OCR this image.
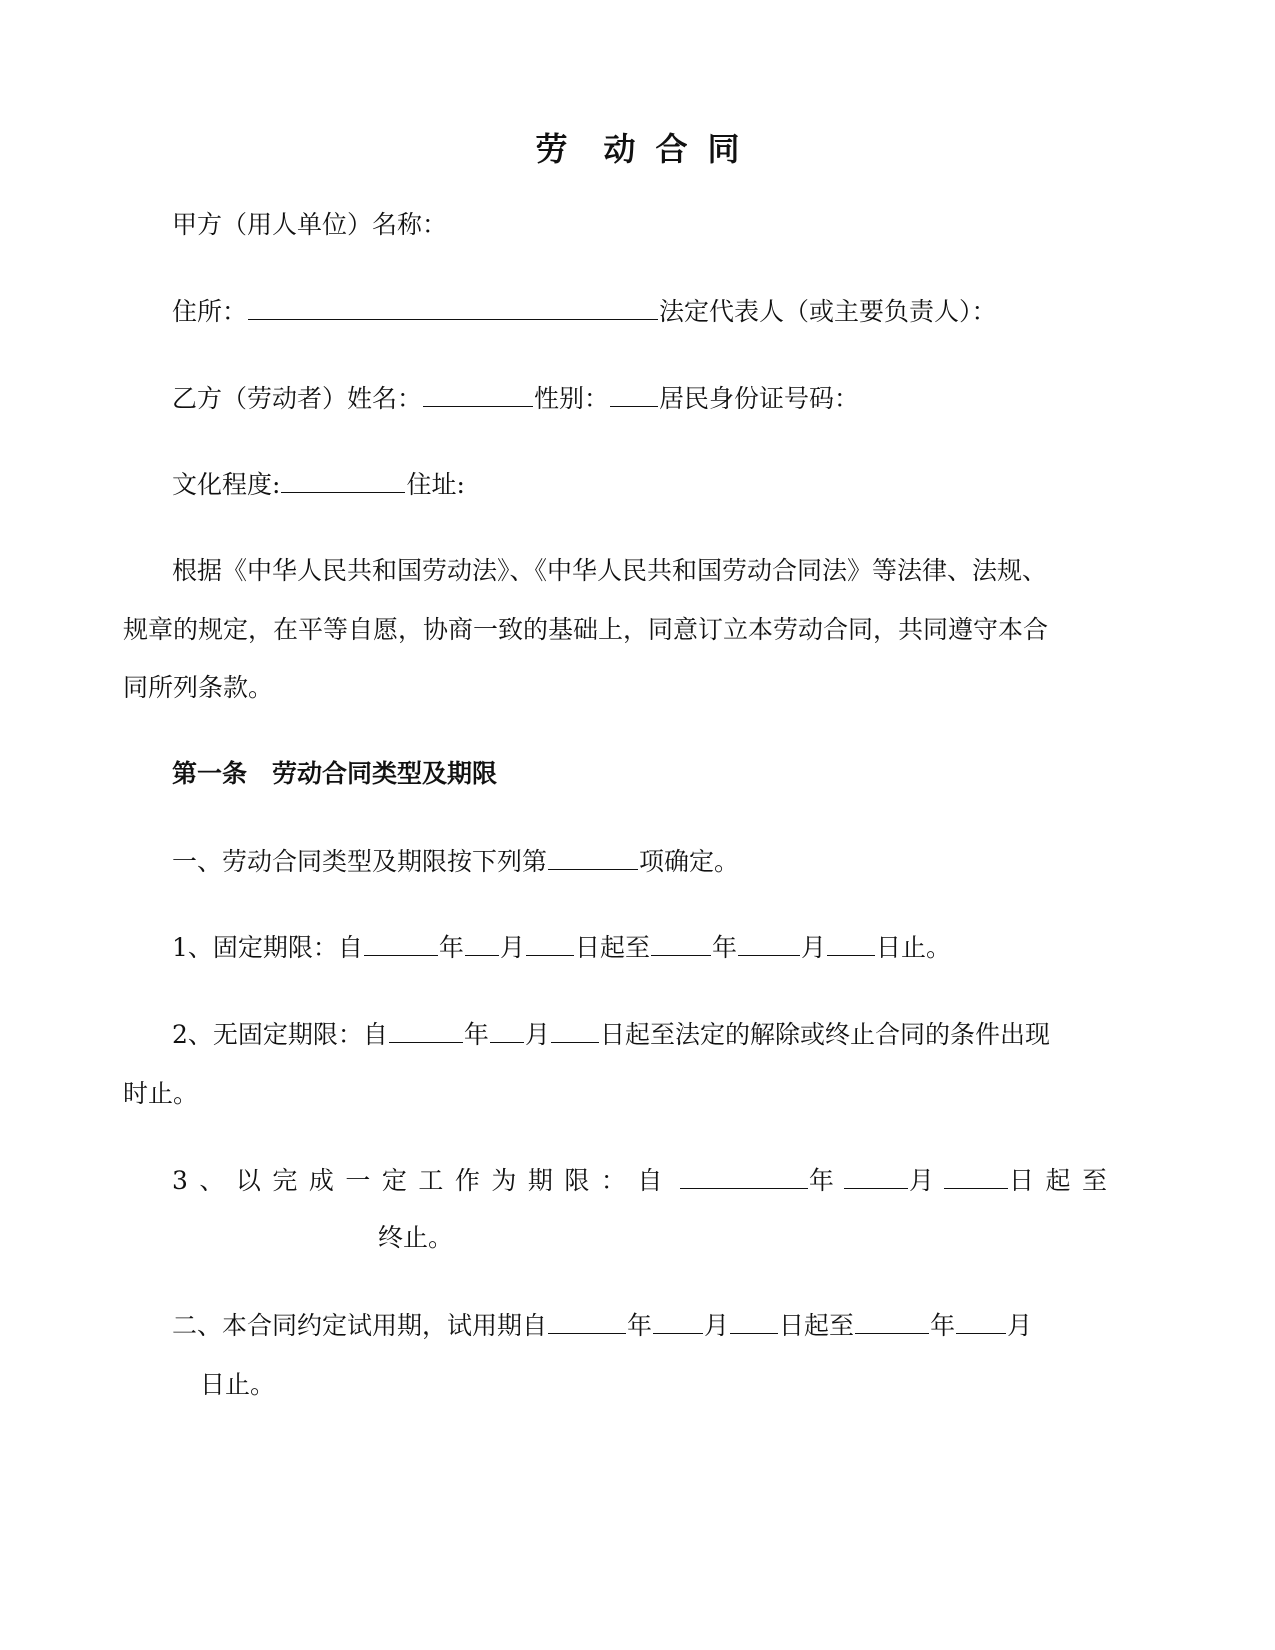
劳 动 合 同
甲方（用人单位）名称：
住所：	法定代表人（或主要负责人）：
乙方（劳动者）姓名：	性别： 居民身份证号码：
文化程度:	住址:
根据《中华人民共和国劳动法》、《中华人民共和国劳动合同法》等法律、法规、
规章的规定，在平等自愿，协商一致的基础上，同意订立本劳动合同，共同遵守本合
同所列条款。
第一条　劳动合同类型及期限
一、劳动合同类型及期限按下列第	项确定。
1、固定期限：自	年 月 日起至 年	月 日止。
2、无固定期限：自	年 月 日起至法定的解除或终止合同的条件出现
时止。
3、以完成一定工作为期限：自	年	月	日起至
终止。
二、本合同约定试用期，试用期自	年 月 日起至	年 月
日止。
